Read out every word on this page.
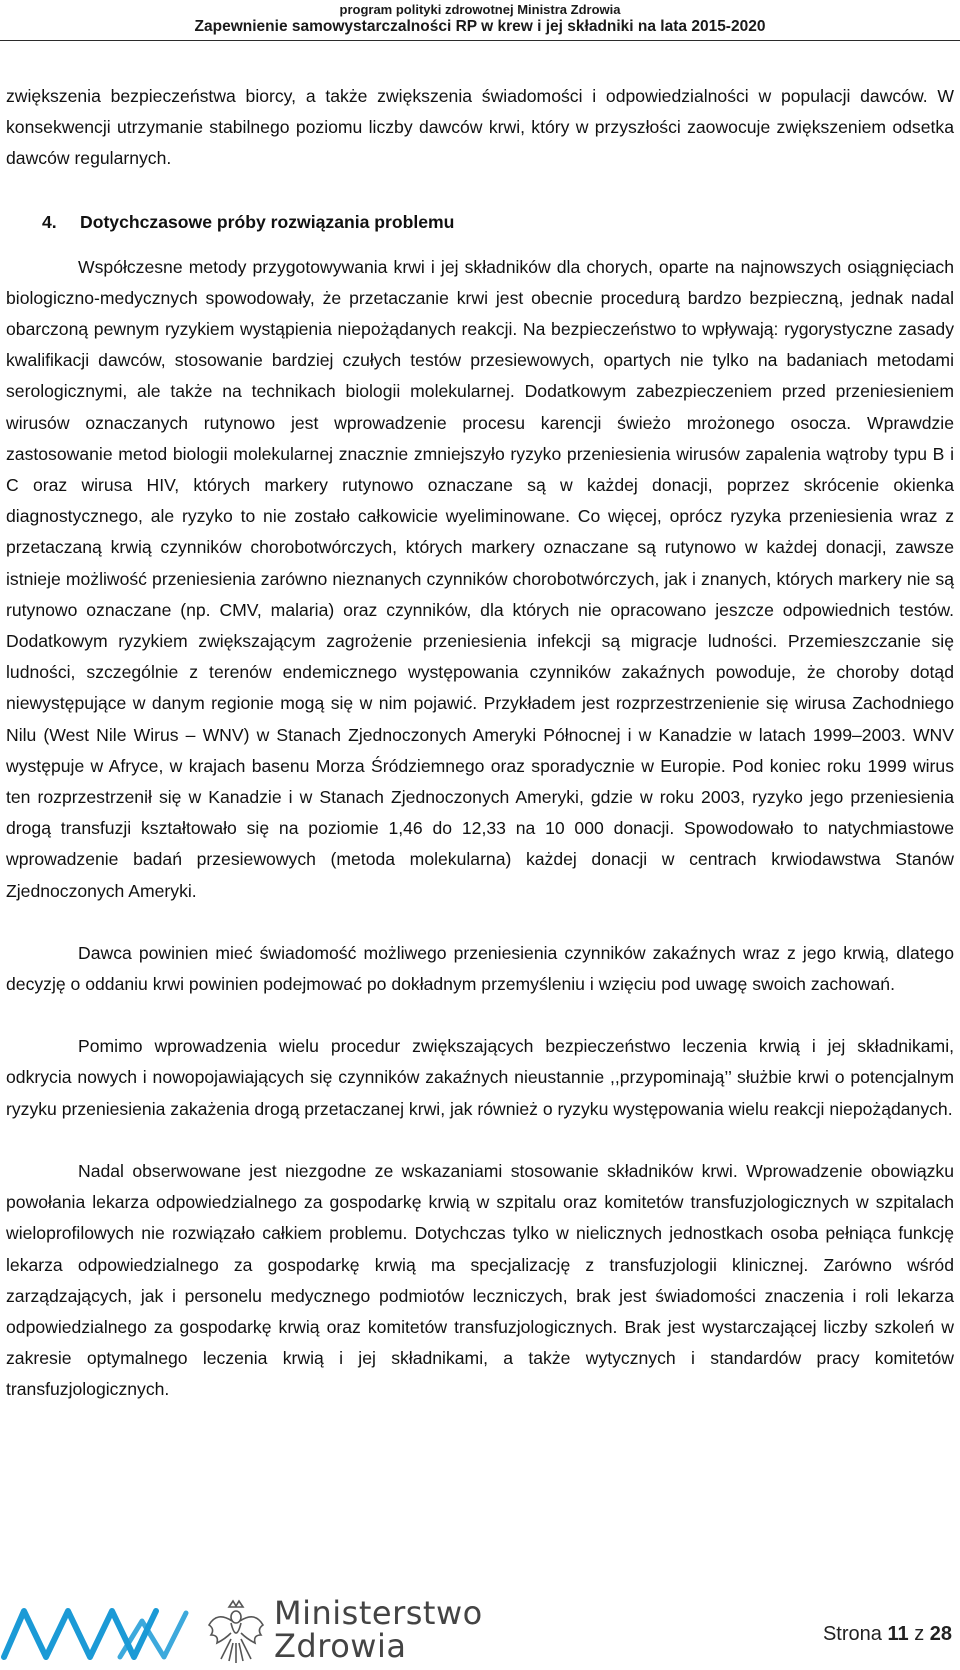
program polityki zdrowotnej Ministra Zdrowia
Zapewnienie samowystarczalności RP w krew i jej składniki na lata 2015-2020

zwiększenia bezpieczeństwa biorcy, a także zwiększenia świadomości i odpowiedzialności w populacji dawców. W konsekwencji utrzymanie stabilnego poziomu liczby dawców krwi, który w przyszłości zaowocuje zwiększeniem odsetka dawców regularnych.

4. Dotychczasowe próby rozwiązania problemu

Współczesne metody przygotowywania krwi i jej składników dla chorych, oparte na najnowszych osiągnięciach biologiczno-medycznych spowodowały, że przetaczanie krwi jest obecnie procedurą bardzo bezpieczną, jednak nadal obarczoną pewnym ryzykiem wystąpienia niepożądanych reakcji. Na bezpieczeństwo to wpływają: rygorystyczne zasady kwalifikacji dawców, stosowanie bardziej czułych testów przesiewowych, opartych nie tylko na badaniach metodami serologicznymi, ale także na technikach biologii molekularnej. Dodatkowym zabezpieczeniem przed przeniesieniem wirusów oznaczanych rutynowo jest wprowadzenie procesu karencji świeżo mrożonego osocza. Wprawdzie zastosowanie metod biologii molekularnej znacznie zmniejszyło ryzyko przeniesienia wirusów zapalenia wątroby typu B i C oraz wirusa HIV, których markery rutynowo oznaczane są w każdej donacji, poprzez skrócenie okienka diagnostycznego, ale ryzyko to nie zostało całkowicie wyeliminowane. Co więcej, oprócz ryzyka przeniesienia wraz z przetaczaną krwią czynników chorobotwórczych, których markery oznaczane są rutynowo w każdej donacji, zawsze istnieje możliwość przeniesienia zarówno nieznanych czynników chorobotwórczych, jak i znanych, których markery nie są rutynowo oznaczane (np. CMV, malaria) oraz czynników, dla których nie opracowano jeszcze odpowiednich testów. Dodatkowym ryzykiem zwiększającym zagrożenie przeniesienia infekcji są migracje ludności. Przemieszczanie się ludności, szczególnie z terenów endemicznego występowania czynników zakaźnych powoduje, że choroby dotąd niewystępujące w danym regionie mogą się w nim pojawić. Przykładem jest rozprzestrzenienie się wirusa Zachodniego Nilu (West Nile Wirus – WNV) w Stanach Zjednoczonych Ameryki Północnej i w Kanadzie w latach 1999–2003. WNV występuje w Afryce, w krajach basenu Morza Śródziemnego oraz sporadycznie w Europie. Pod koniec roku 1999 wirus ten rozprzestrzenił się w Kanadzie i w Stanach Zjednoczonych Ameryki, gdzie w roku 2003, ryzyko jego przeniesienia drogą transfuzji kształtowało się na poziomie 1,46 do 12,33 na 10 000 donacji. Spowodowało to natychmiastowe wprowadzenie badań przesiewowych (metoda molekularna) każdej donacji w centrach krwiodawstwa Stanów Zjednoczonych Ameryki.

Dawca powinien mieć świadomość możliwego przeniesienia czynników zakaźnych wraz z jego krwią, dlatego decyzję o oddaniu krwi powinien podejmować po dokładnym przemyśleniu i wzięciu pod uwagę swoich zachowań.

Pomimo wprowadzenia wielu procedur zwiększających bezpieczeństwo leczenia krwią i jej składnikami, odkrycia nowych i nowopojawiających się czynników zakaźnych nieustannie ,,przypominają’’ służbie krwi o potencjalnym ryzyku przeniesienia zakażenia drogą przetaczanej krwi, jak również o ryzyku występowania wielu reakcji niepożądanych.

Nadal obserwowane jest niezgodne ze wskazaniami stosowanie składników krwi. Wprowadzenie obowiązku powołania lekarza odpowiedzialnego za gospodarkę krwią w szpitalu oraz komitetów transfuzjologicznych w szpitalach wieloprofilowych nie rozwiązało całkiem problemu. Dotychczas tylko w nielicznych jednostkach osoba pełniąca funkcję lekarza odpowiedzialnego za gospodarkę krwią ma specjalizację z transfuzjologii klinicznej. Zarówno wśród zarządzających, jak i personelu medycznego podmiotów leczniczych, brak jest świadomości znaczenia i roli lekarza odpowiedzialnego za gospodarkę krwią oraz komitetów transfuzjologicznych. Brak jest wystarczającej liczby szkoleń w zakresie optymalnego leczenia krwią i jej składnikami, a także wytycznych i standardów pracy komitetów transfuzjologicznych.

Ministerstwo
Zdrowia	Strona 11 z 28
